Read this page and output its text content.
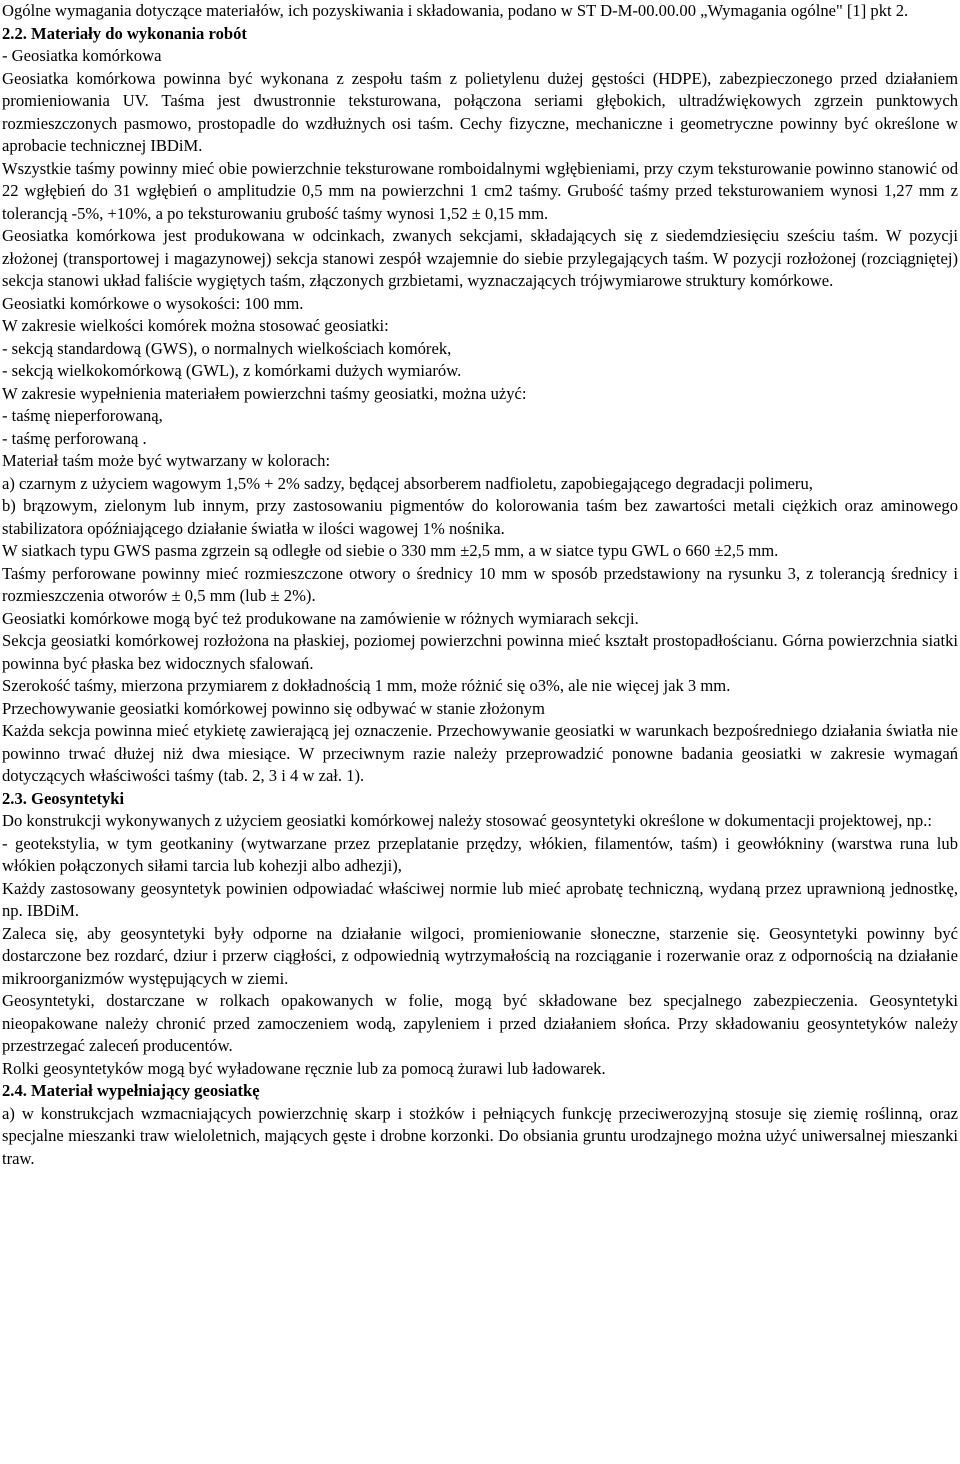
Ogólne wymagania dotyczące materiałów, ich pozyskiwania i składowania, podano w ST D-M-00.00.00 „Wymagania ogólne" [1] pkt 2.

2.2. Materiały do wykonania robót

- Geosiatka komórkowa

Geosiatka komórkowa powinna być wykonana z zespołu taśm z polietylenu dużej gęstości (HDPE), zabezpieczonego przed działaniem promieniowania UV. Taśma jest dwustronnie teksturowana, połączona seriami głębokich, ultradźwiękowych zgrzein punktowych rozmieszczonych pasmowo, prostopadle do wzdłużnych osi taśm. Cechy fizyczne, mechaniczne i geometryczne powinny być określone w aprobacie technicznej IBDiM.

Wszystkie taśmy powinny mieć obie powierzchnie teksturowane romboidalnymi wgłębieniami, przy czym teksturowanie powinno stanowić od 22 wgłębień do 31 wgłębień o amplitudzie 0,5 mm na powierzchni 1 cm2 taśmy. Grubość taśmy przed teksturowaniem wynosi 1,27 mm z tolerancją -5%, +10%, a po teksturowaniu grubość taśmy wynosi 1,52 ± 0,15 mm.

Geosiatka komórkowa jest produkowana w odcinkach, zwanych sekcjami, składających się z siedemdziesięciu sześciu taśm. W pozycji złożonej (transportowej i magazynowej) sekcja stanowi zespół wzajemnie do siebie przylegających taśm. W pozycji rozłożonej (rozciągniętej) sekcja stanowi układ faliście wygiętych taśm, złączonych grzbietami, wyznaczających trójwymiarowe struktury komórkowe.

Geosiatki komórkowe o wysokości: 100 mm.

W zakresie wielkości komórek można stosować geosiatki:

- sekcją standardową (GWS), o normalnych wielkościach komórek,

- sekcją wielkokomórkową (GWL), z komórkami dużych wymiarów.

W zakresie wypełnienia materiałem powierzchni taśmy geosiatki, można użyć:

- taśmę nieperforowaną,

- taśmę perforowaną .

Materiał taśm może być wytwarzany w kolorach:

a) czarnym z użyciem wagowym 1,5% + 2% sadzy, będącej absorberem nadfioletu, zapobiegającego degradacji polimeru,

b) brązowym, zielonym lub innym, przy zastosowaniu pigmentów do kolorowania taśm bez zawartości metali ciężkich oraz aminowego stabilizatora opóźniającego działanie światła w ilości wagowej 1% nośnika.

W siatkach typu GWS pasma zgrzein są odległe od siebie o 330 mm ±2,5 mm, a w siatce typu GWL o 660 ±2,5 mm.

Taśmy perforowane powinny mieć rozmieszczone otwory o średnicy 10 mm w sposób przedstawiony na rysunku 3, z tolerancją średnicy i rozmieszczenia otworów ± 0,5 mm (lub ± 2%).

Geosiatki komórkowe mogą być też produkowane na zamówienie w różnych wymiarach sekcji.

Sekcja geosiatki komórkowej rozłożona na płaskiej, poziomej powierzchni powinna mieć kształt prostopadłościanu. Górna powierzchnia siatki powinna być płaska bez widocznych sfalowań.

Szerokość taśmy, mierzona przymiarem z dokładnością 1 mm, może różnić się o3%, ale nie więcej jak 3 mm.

Przechowywanie geosiatki komórkowej powinno się odbywać w stanie złożonym

Każda sekcja powinna mieć etykietę zawierającą jej oznaczenie. Przechowywanie geosiatki w warunkach bezpośredniego działania światła nie powinno trwać dłużej niż dwa miesiące. W przeciwnym razie należy przeprowadzić ponowne badania geosiatki w zakresie wymagań dotyczących właściwości taśmy (tab. 2, 3 i 4 w zał. 1).

2.3. Geosyntetyki

Do konstrukcji wykonywanych z użyciem geosiatki komórkowej należy stosować geosyntetyki określone w dokumentacji projektowej, np.:

- geotekstylia, w tym geotkaniny (wytwarzane przez przeplatanie przędzy, włókien, filamentów, taśm) i geowłókniny (warstwa runa lub włókien połączonych siłami tarcia lub kohezji albo adhezji),

Każdy zastosowany geosyntetyk powinien odpowiadać właściwej normie lub mieć aprobatę techniczną, wydaną przez uprawnioną jednostkę, np. IBDiM.

Zaleca się, aby geosyntetyki były odporne na działanie wilgoci, promieniowanie słoneczne, starzenie się. Geosyntetyki powinny być dostarczone bez rozdarć, dziur i przerw ciągłości, z odpowiednią wytrzymałością na rozciąganie i rozerwanie oraz z odpornością na działanie mikroorganizmów występujących w ziemi.

Geosyntetyki, dostarczane w rolkach opakowanych w folie, mogą być składowane bez specjalnego zabezpieczenia. Geosyntetyki nieopakowane należy chronić przed zamoczeniem wodą, zapyleniem i przed działaniem słońca. Przy składowaniu geosyntetyków należy przestrzegać zaleceń producentów.

Rolki geosyntetyków mogą być wyładowane ręcznie lub za pomocą żurawi lub ładowarek.

2.4. Materiał wypełniający geosiatkę

a) w konstrukcjach wzmacniających powierzchnię skarp i stożków i pełniących funkcję przeciwerozyjną stosuje się ziemię roślinną, oraz specjalne mieszanki traw wieloletnich, mających gęste i drobne korzonki. Do obsiania gruntu urodzajnego można użyć uniwersalnej mieszanki traw.
